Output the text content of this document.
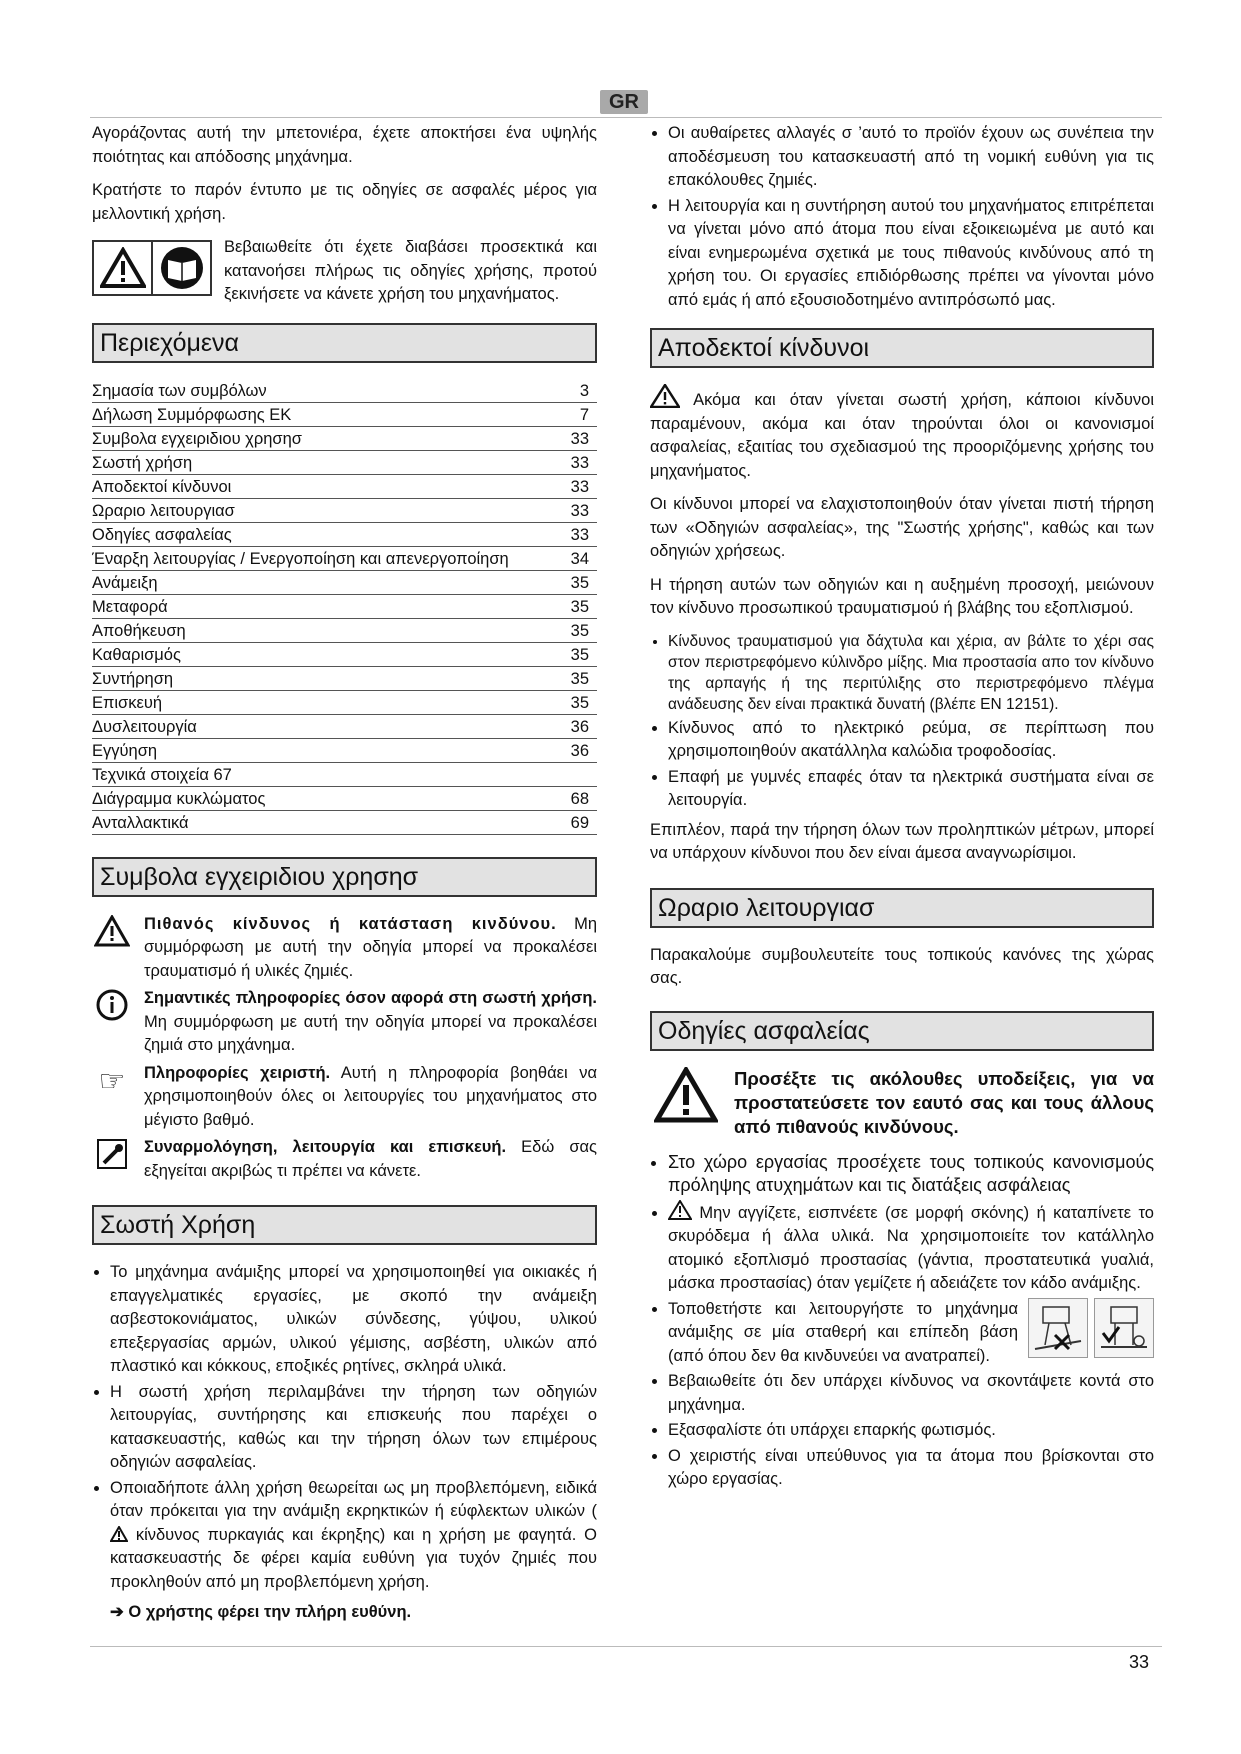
GR

Αγοράζοντας αυτή την μπετονιέρα, έχετε αποκτήσει ένα υψηλής ποιότητας και απόδοσης μηχάνημα.

Κρατήστε το παρόν έντυπο με τις οδηγίες σε ασφαλές μέρος για μελλοντική χρήση.

Βεβαιωθείτε ότι έχετε διαβάσει προσεκτικά και κατανοήσει πλήρως τις οδηγίες χρήσης, προτού ξεκινήσετε να κάνετε χρήση του μηχανήματος.

Περιεχόμενα
Σημασία των συμβόλων	3
Δήλωση Συμμόρφωσης ΕΚ	7
Συμβολα εγχειριδιου χρησησ	33
Σωστή χρήση	33
Αποδεκτοί κίνδυνοι	33
Ωραριο λειτουργιασ	33
Οδηγίες ασφαλείας	33
Έναρξη λειτουργίας / Ενεργοποίηση και απενεργοποίηση	34
Ανάμειξη	35
Μεταφορά	35
Αποθήκευση	35
Καθαρισμός	35
Συντήρηση	35
Επισκευή	35
Δυσλειτουργία	36
Εγγύηση	36
Τεχνικά στοιχεία 67	
Διάγραμμα κυκλώματος	68
Ανταλλακτικά	69
Συμβολα εγχειριδιου χρησησ
Πιθανός κίνδυνος ή κατάσταση κινδύνου. Μη συμμόρφωση με αυτή την οδηγία μπορεί να προκαλέσει τραυματισμό ή υλικές ζημιές.
Σημαντικές πληροφορίες όσον αφορά στη σωστή χρήση. Μη συμμόρφωση με αυτή την οδηγία μπορεί να προκαλέσει ζημιά στο μηχάνημα.
☞	Πληροφορίες χειριστή. Αυτή η πληροφορία βοηθάει να χρησιμοποιηθούν όλες οι λειτουργίες του μηχανήματος στο μέγιστο βαθμό.
Συναρμολόγηση, λειτουργία και επισκευή. Εδώ σας εξηγείται ακριβώς τι πρέπει να κάνετε.
Σωστή Χρήση
• Το μηχάνημα ανάμιξης μπορεί να χρησιμοποιηθεί για οικιακές ή επαγγελματικές εργασίες, με σκοπό την ανάμειξη ασβεστοκονιάματος, υλικών σύνδεσης, γύψου, υλικού επεξεργασίας αρμών, υλικού γέμισης, ασβέστη, υλικών από πλαστικό και κόκκους, εποξικές ρητίνες, σκληρά υλικά.
• Η σωστή χρήση περιλαμβάνει την τήρηση των οδηγιών λειτουργίας, συντήρησης και επισκευής που παρέχει ο κατασκευαστής, καθώς και την τήρηση όλων των επιμέρους οδηγιών ασφαλείας.
• Οποιαδήποτε άλλη χρήση θεωρείται ως μη προβλεπόμενη, ειδικά όταν πρόκειται για την ανάμιξη εκρηκτικών ή εύφλεκτων υλικών ( κίνδυνος πυρκαγιάς και έκρηξης) και η χρήση με φαγητά. Ο κατασκευαστής δε φέρει καμία ευθύνη για τυχόν ζημιές που προκληθούν από μη προβλεπόμενη χρήση.
➔ Ο χρήστης φέρει την πλήρη ευθύνη.
• Οι αυθαίρετες αλλαγές σ ’αυτό το προϊόν έχουν ως συνέπεια την αποδέσμευση του κατασκευαστή από τη νομική ευθύνη για τις επακόλουθες ζημιές.
• Η λειτουργία και η συντήρηση αυτού του μηχανήματος επιτρέπεται να γίνεται μόνο από άτομα που είναι εξοικειωμένα με αυτό και είναι ενημερωμένα σχετικά με τους πιθανούς κινδύνους από τη χρήση του. Οι εργασίες επιδιόρθωσης πρέπει να γίνονται μόνο από εμάς ή από εξουσιοδοτημένο αντιπρόσωπό μας.
Αποδεκτοί κίνδυνοι

Ακόμα και όταν γίνεται σωστή χρήση, κάποιοι κίνδυνοι παραμένουν, ακόμα και όταν τηρούνται όλοι οι κανονισμοί ασφαλείας, εξαιτίας του σχεδιασμού της προοριζόμενης χρήσης του μηχανήματος.

Οι κίνδυνοι μπορεί να ελαχιστοποιηθούν όταν γίνεται πιστή τήρηση των «Οδηγιών ασφαλείας», της "Σωστής χρήσης", καθώς και των οδηγιών χρήσεως.

Η τήρηση αυτών των οδηγιών και η αυξημένη προσοχή, μειώνουν τον κίνδυνο προσωπικού τραυματισμού ή βλάβης του εξοπλισμού.

• Κίνδυνος τραυματισμού για δάχτυλα και χέρια, αν βάλτε το χέρι σας στον περιστρεφόμενο κύλινδρο μίξης. Μια προστασία απο τον κίνδυνο της αρπαγής ή της περιτύλιξης στο περιστρεφόμενο πλέγμα ανάδευσης δεν είναι πρακτικά δυνατή (βλέπε EN 12151).
• Κίνδυνος από το ηλεκτρικό ρεύμα, σε περίπτωση που χρησιμοποιηθούν ακατάλληλα καλώδια τροφοδοσίας.
• Επαφή με γυμνές επαφές όταν τα ηλεκτρικά συστήματα είναι σε λειτουργία.

Επιπλέον, παρά την τήρηση όλων των προληπτικών μέτρων, μπορεί να υπάρχουν κίνδυνοι που δεν είναι άμεσα αναγνωρίσιμοι.

Ωραριο λειτουργιασ

Παρακαλούμε συμβουλευτείτε τους τοπικούς κανόνες της χώρας σας.

Οδηγίες ασφαλείας
Προσέξτε τις ακόλουθες υποδείξεις, για να προστατεύσετε τον εαυτό σας και τους άλλους από πιθανούς κινδύνους.
• Στο χώρο εργασίας προσέχετε τους τοπικούς κανονισμούς πρόληψης ατυχημάτων και τις διατάξεις ασφάλειας
• Μην αγγίζετε, εισπνέετε (σε μορφή σκόνης) ή καταπίνετε το σκυρόδεμα ή άλλα υλικά. Να χρησιμοποιείτε τον κατάλληλο ατομικό εξοπλισμό προστασίας (γάντια, προστατευτικά γυαλιά, μάσκα προστασίας) όταν γεμίζετε ή αδειάζετε τον κάδο ανάμιξης.
• Τοποθετήστε και λειτουργήστε το μηχάνημα ανάμιξης σε μία σταθερή και επίπεδη βάση (από όπου δεν θα κινδυνεύει να ανατραπεί).
• Βεβαιωθείτε ότι δεν υπάρχει κίνδυνος να σκοντάψετε κοντά στο μηχάνημα.
• Εξασφαλίστε ότι υπάρχει επαρκής φωτισμός.
• Ο χειριστής είναι υπεύθυνος για τα άτομα που βρίσκονται στο χώρο εργασίας.
33
